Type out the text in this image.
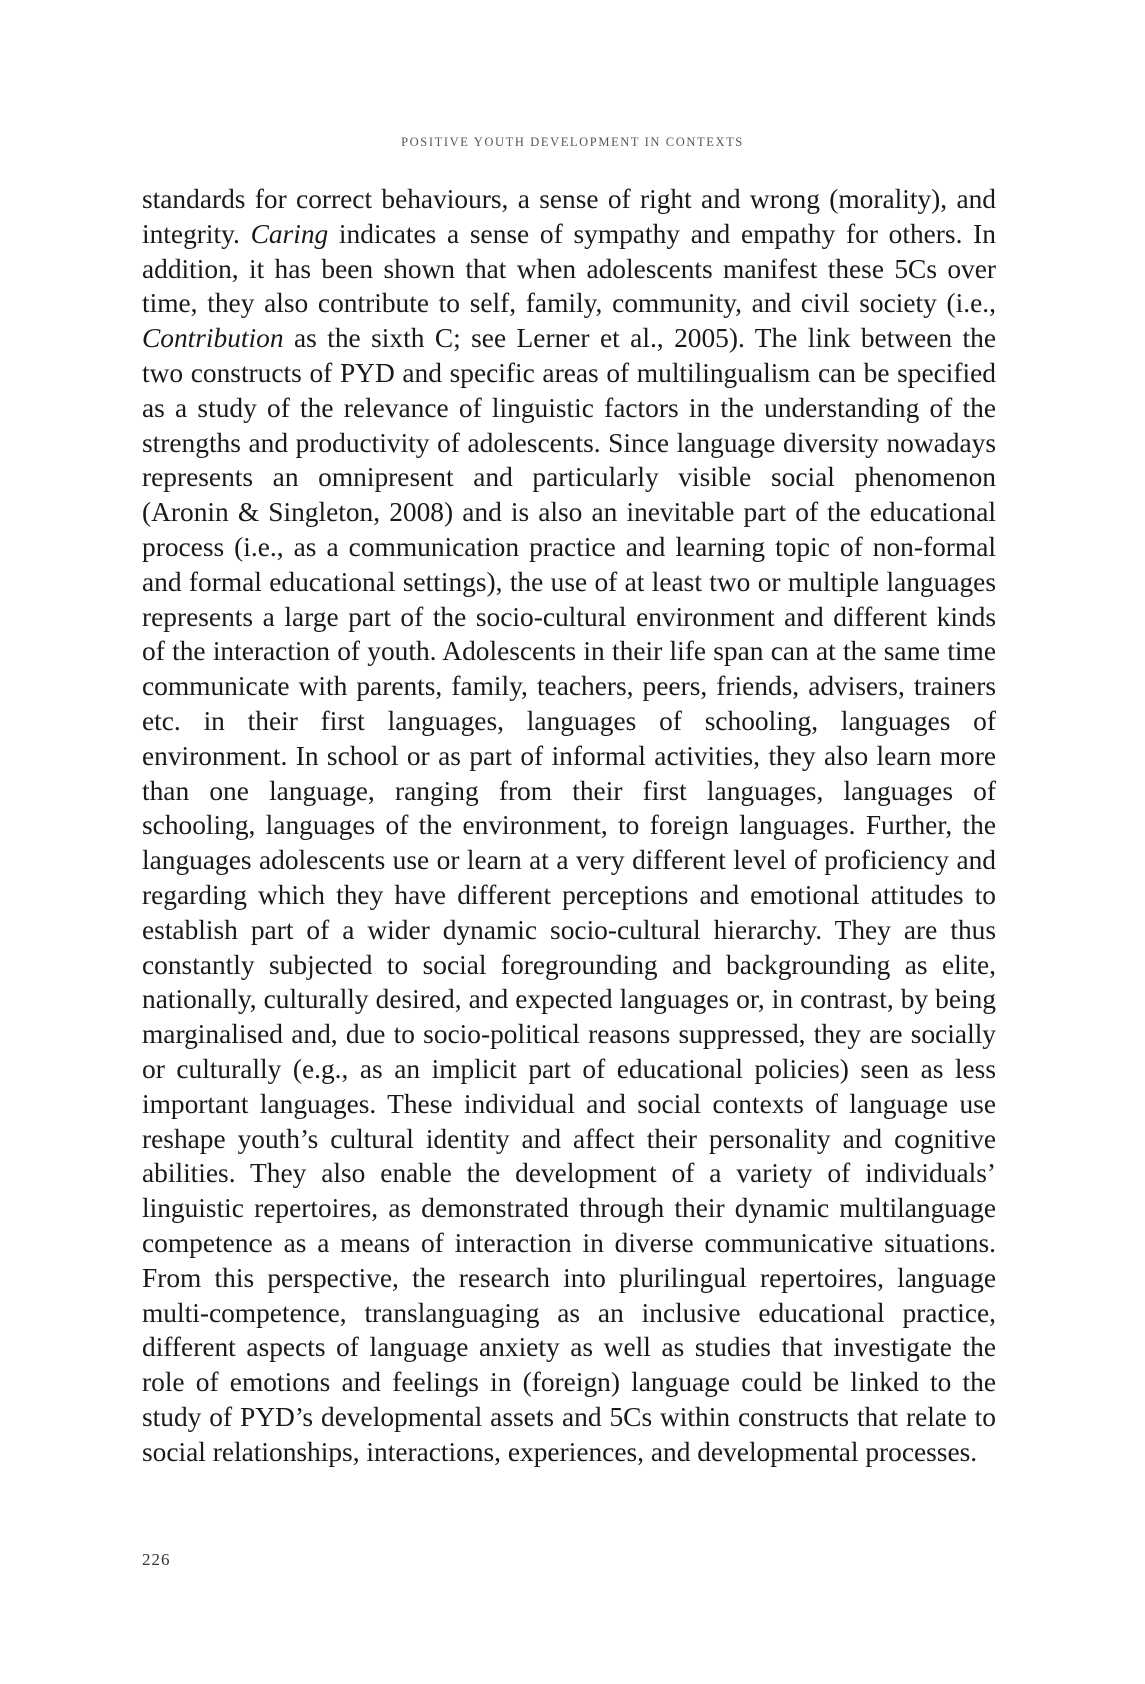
POSITIVE YOUTH DEVELOPMENT IN CONTEXTS

standards for correct behaviours, a sense of right and wrong (morality), and integrity. Caring indicates a sense of sympathy and empathy for others. In addition, it has been shown that when adolescents manifest these 5Cs over time, they also contribute to self, family, community, and civil society (i.e., Contribution as the sixth C; see Lerner et al., 2005). The link between the two constructs of PYD and specific areas of multilingualism can be specified as a study of the relevance of linguistic factors in the understanding of the strengths and productivity of adolescents. Since language diversity nowadays represents an omnipresent and particularly visible social phenomenon (Aronin & Singleton, 2008) and is also an inevitable part of the educational process (i.e., as a communication practice and learning topic of non-formal and formal educational settings), the use of at least two or multiple languages represents a large part of the socio-cultural environment and different kinds of the interaction of youth. Adolescents in their life span can at the same time communicate with parents, family, teachers, peers, friends, advisers, trainers etc. in their first languages, languages of schooling, languages of environment. In school or as part of informal activities, they also learn more than one language, ranging from their first languages, languages of schooling, languages of the environment, to foreign languages. Further, the languages adolescents use or learn at a very different level of proficiency and regarding which they have different perceptions and emotional attitudes to establish part of a wider dynamic socio-cultural hierarchy. They are thus constantly subjected to social foregrounding and backgrounding as elite, nationally, culturally desired, and expected languages or, in contrast, by being marginalised and, due to socio-political reasons suppressed, they are socially or culturally (e.g., as an implicit part of educational policies) seen as less important languages. These individual and social contexts of language use reshape youth’s cultural identity and affect their personality and cognitive abilities. They also enable the development of a variety of individuals’ linguistic repertoires, as demonstrated through their dynamic multilanguage competence as a means of interaction in diverse communicative situations. From this perspective, the research into plurilingual repertoires, language multi-competence, translanguaging as an inclusive educational practice, different aspects of language anxiety as well as studies that investigate the role of emotions and feelings in (foreign) language could be linked to the study of PYD’s developmental assets and 5Cs within constructs that relate to social relationships, interactions, experiences, and developmental processes.

226
